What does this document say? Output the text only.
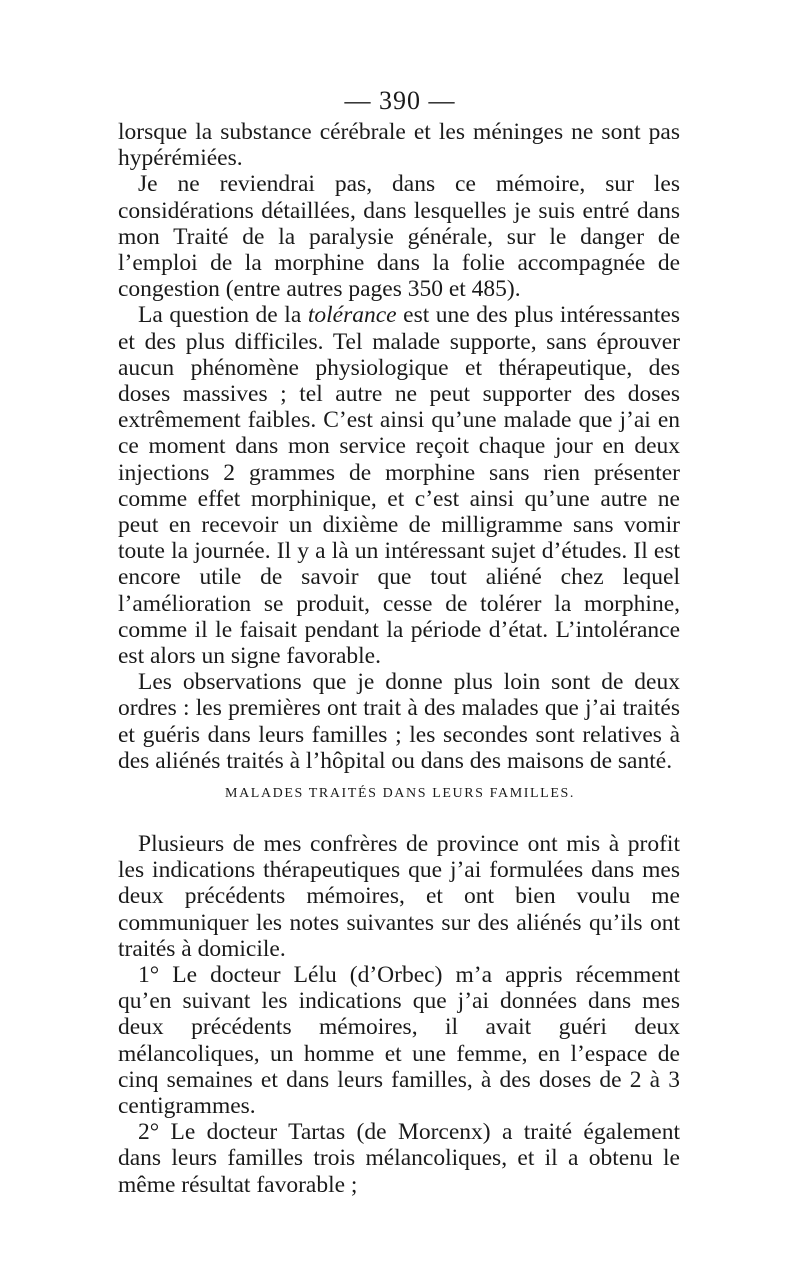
— 390 —

lorsque la substance cérébrale et les méninges ne sont pas hypérémiées.

Je ne reviendrai pas, dans ce mémoire, sur les considérations détaillées, dans lesquelles je suis entré dans mon Traité de la paralysie générale, sur le danger de l’emploi de la morphine dans la folie accompagnée de congestion (entre autres pages 350 et 485).

La question de la tolérance est une des plus intéressantes et des plus difficiles. Tel malade supporte, sans éprouver aucun phénomène physiologique et thérapeutique, des doses massives ; tel autre ne peut supporter des doses extrêmement faibles. C’est ainsi qu’une malade que j’ai en ce moment dans mon service reçoit chaque jour en deux injections 2 grammes de morphine sans rien présenter comme effet morphinique, et c’est ainsi qu’une autre ne peut en recevoir un dixième de milligramme sans vomir toute la journée. Il y a là un intéressant sujet d’études. Il est encore utile de savoir que tout aliéné chez lequel l’amélioration se produit, cesse de tolérer la morphine, comme il le faisait pendant la période d’état. L’intolérance est alors un signe favorable.

Les observations que je donne plus loin sont de deux ordres : les premières ont trait à des malades que j’ai traités et guéris dans leurs familles ; les secondes sont relatives à des aliénés traités à l’hôpital ou dans des maisons de santé.

MALADES TRAITÉS DANS LEURS FAMILLES.

Plusieurs de mes confrères de province ont mis à profit les indications thérapeutiques que j’ai formulées dans mes deux précédents mémoires, et ont bien voulu me communiquer les notes suivantes sur des aliénés qu’ils ont traités à domicile.

1° Le docteur Lélu (d’Orbec) m’a appris récemment qu’en suivant les indications que j’ai données dans mes deux précédents mémoires, il avait guéri deux mélancoliques, un homme et une femme, en l’espace de cinq semaines et dans leurs familles, à des doses de 2 à 3 centigrammes.

2° Le docteur Tartas (de Morcenx) a traité également dans leurs familles trois mélancoliques, et il a obtenu le même résultat favorable ;
